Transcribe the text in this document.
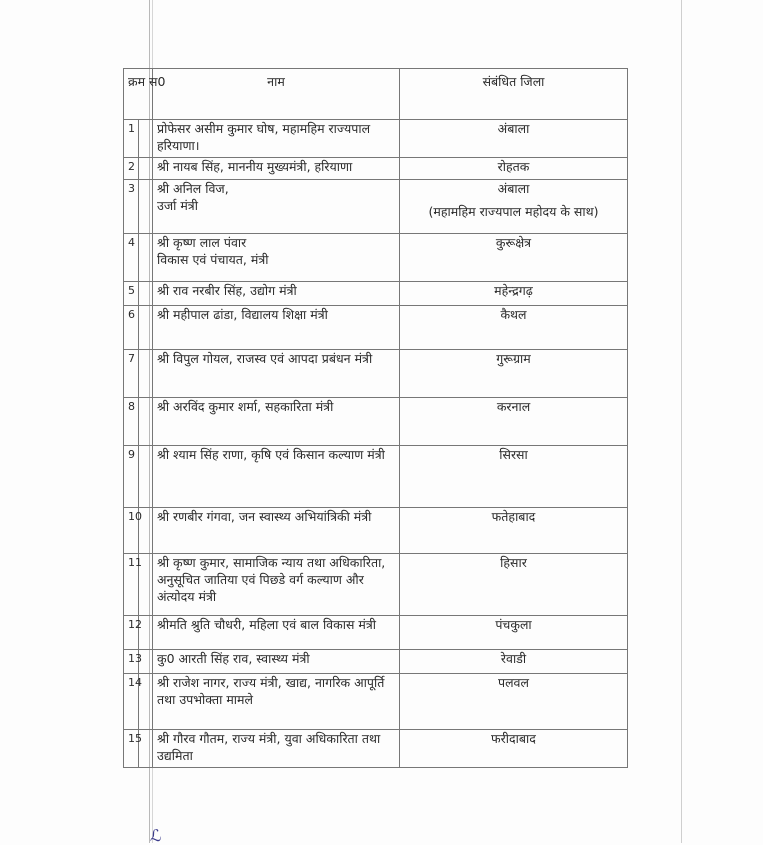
क्रम स0		नाम	संबंधित जिला
1		प्रोफेसर असीम कुमार घोष, महामहिम राज्यपाल हरियाणा।	अंबाला
2		श्री नायब सिंह, माननीय मुख्यमंत्री, हरियाणा	रोहतक
3		श्री अनिल विज,
उर्जा मंत्री	अंबाला
(महामहिम राज्यपाल महोदय के साथ)

4		श्री कृष्ण लाल पंवार
विकास एवं पंचायत, मंत्री	कुरूक्षेत्र
5		श्री राव नरबीर सिंह, उद्योग मंत्री	महेन्द्रगढ़
6		श्री महीपाल ढांडा, विद्यालय शिक्षा मंत्री	कैथल
7		श्री विपुल गोयल, राजस्व एवं आपदा प्रबंधन मंत्री	गुरूग्राम
8		श्री अरविंद कुमार शर्मा, सहकारिता मंत्री	करनाल
9		श्री श्याम सिंह राणा, कृषि एवं किसान कल्याण मंत्री	सिरसा
10		श्री रणबीर गंगवा, जन स्वास्थ्य अभियांत्रिकी मंत्री	फतेहाबाद
11		श्री कृष्ण कुमार, सामाजिक न्याय तथा अधिकारिता, अनुसूचित जातिया एवं पिछडे वर्ग कल्याण और अंत्योदय मंत्री	हिसार
12		श्रीमति श्रुति चौधरी, महिला एवं बाल विकास मंत्री	पंचकुला
13		कु0 आरती सिंह राव, स्वास्थ्य मंत्री	रेवाडी
14		श्री राजेश नागर, राज्य मंत्री, खाद्य, नागरिक आपूर्ति तथा उपभोक्ता मामले	पलवल
15		श्री गौरव गौतम, राज्य मंत्री, युवा अधिकारिता तथा उद्यमिता	फरीदाबाद
ℒ
